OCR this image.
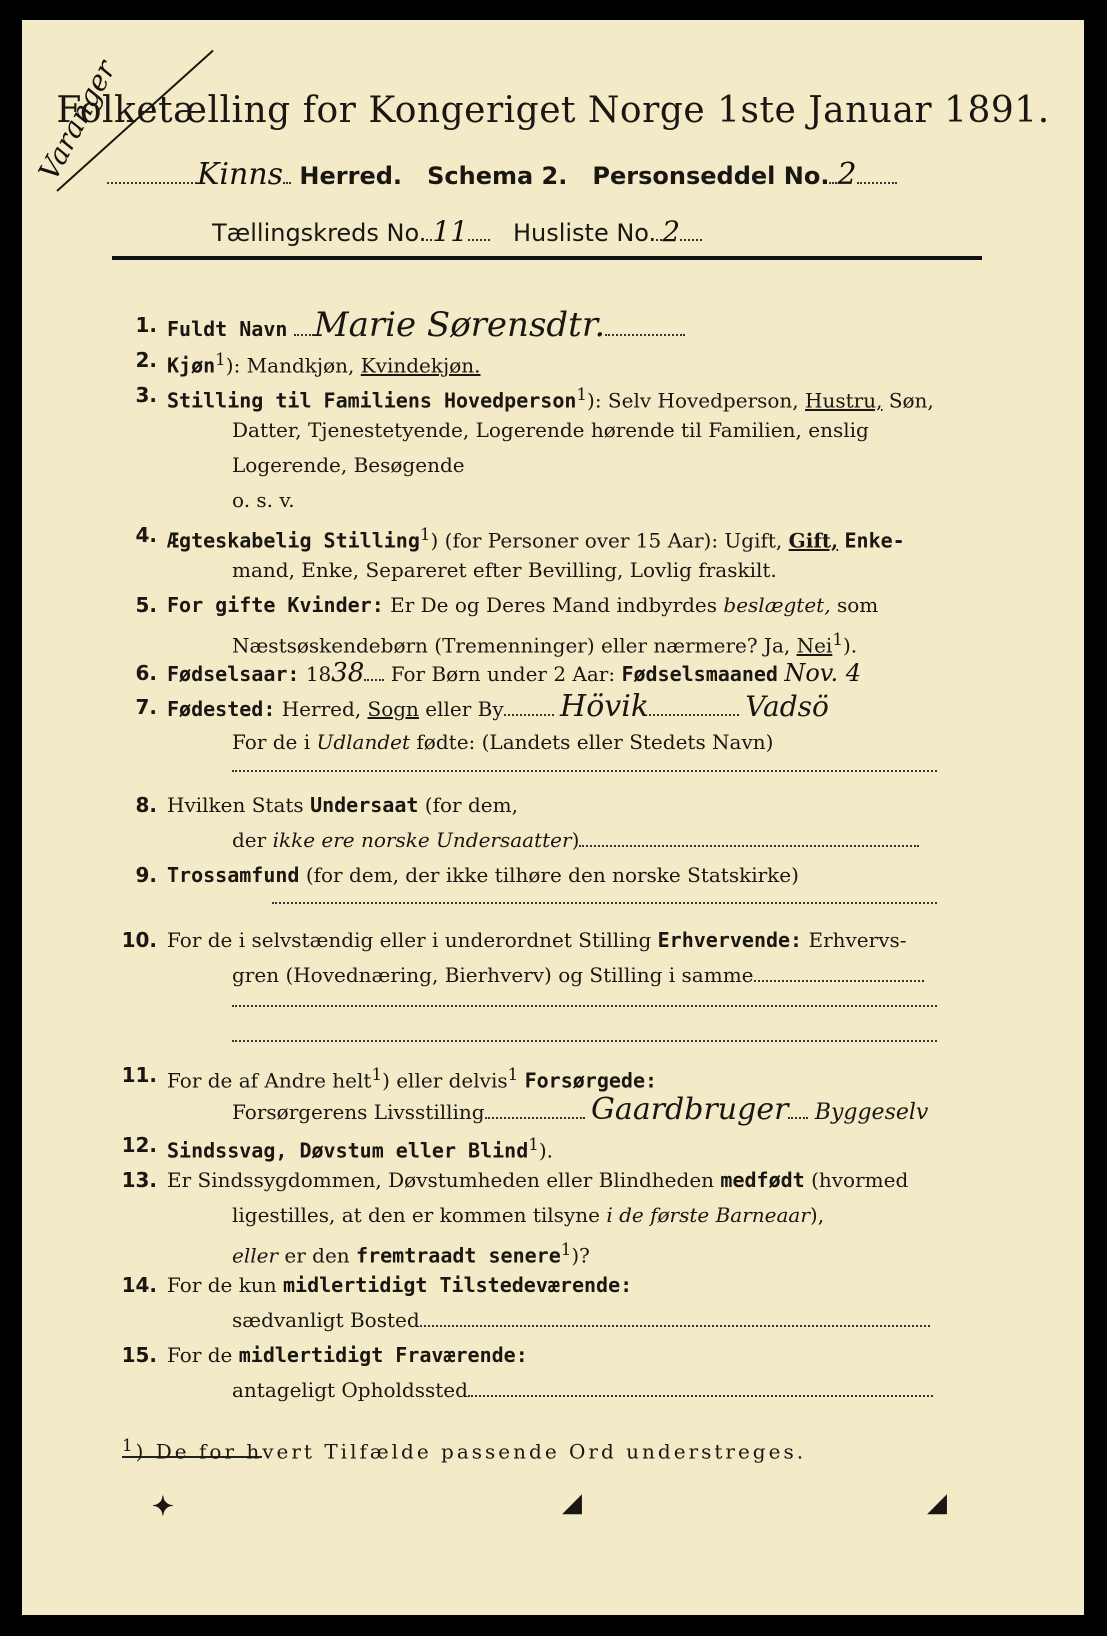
Varanger
Folketælling for Kongeriget Norge 1ste Januar 1891.
Kinns Herred. Schema 2. Personseddel No. 2
Tællingskreds No. 11 Husliste No. 2
1. Fuldt Navn Marie Sørensdtr.
2. Kjøn$^1$): Mandkjøn, Kvindekjøn.
3. Stilling til Familiens Hovedperson$^1$): Selv Hovedperson, Hustru, Søn,
Datter, Tjenestetyende, Logerende hørende til Familien, enslig
Logerende, Besøgende
o. s. v.
4. Ægteskabelig Stilling$^1$) (for Personer over 15 Aar): Ugift, Gift, Enke-
mand, Enke, Separeret efter Bevilling, Lovlig fraskilt.
5. For gifte Kvinder: Er De og Deres Mand indbyrdes beslægtet, som
Næstsøskendebørn (Tremenninger) eller nærmere? Ja, Nei$^1$).
6. Fødselsaar: 1838 For Børn under 2 Aar: Fødselsmaaned Nov. 4
7. Fødested: Herred, Sogn eller By Hövik	Vadsö
For de i Udlandet fødte: (Landets eller Stedets Navn)
8. Hvilken Stats Undersaat (for dem,
der ikke ere norske Undersaatter)
9. Trossamfund (for dem, der ikke tilhøre den norske Statskirke)
10. For de i selvstændig eller i underordnet Stilling Erhvervende: Erhvervs-
gren (Hovednæring, Bierhverv) og Stilling i samme
11. For de af Andre helt$^1$) eller delvis$^1$ Forsørgede:
Forsørgerens Livsstilling	Gaardbruger Byggeselv
12. Sindssvag, Døvstum eller Blind$^1$).
13. Er Sindssygdommen, Døvstumheden eller Blindheden medfødt (hvormed
ligestilles, at den er kommen tilsyne i de første Barneaar),
eller er den fremtraadt senere$^1$)?
14. For de kun midlertidigt Tilstedeværende:
sædvanligt Bosted
15. For de midlertidigt Fraværende:
antageligt Opholdssted
$^1$) De for hvert Tilfælde passende Ord understreges.
✦	◢	◢
